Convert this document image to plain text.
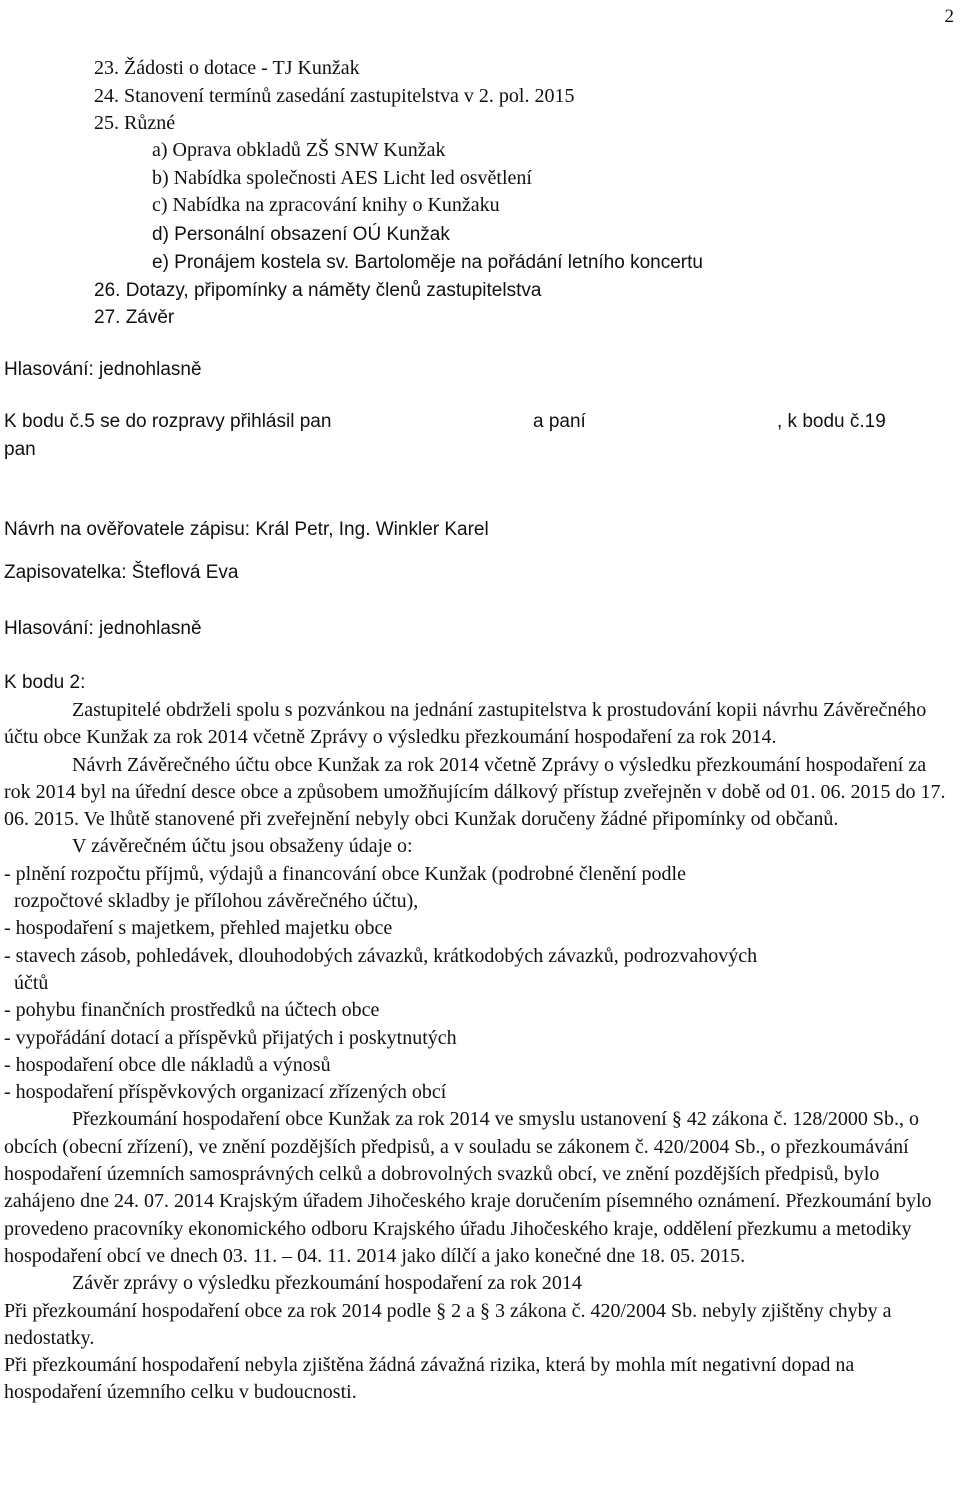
2
23. Žádosti o dotace - TJ Kunžak
24. Stanovení termínů zasedání zastupitelstva v 2. pol. 2015
25. Různé
a) Oprava obkladů ZŠ SNW Kunžak
b) Nabídka společnosti AES Licht led osvětlení
c) Nabídka na zpracování knihy o Kunžaku
d) Personální obsazení OÚ Kunžak
e) Pronájem kostela sv. Bartoloměje na pořádání letního koncertu
26. Dotazy, připomínky a náměty členů zastupitelstva
27. Závěr
Hlasování: jednohlasně
K bodu č.5 se do rozpravy přihlásil pan	a paní	, k bodu č.19
pan
Návrh na ověřovatele zápisu: Král Petr, Ing. Winkler Karel
Zapisovatelka: Šteflová Eva
Hlasování: jednohlasně
K bodu 2:

Zastupitelé obdrželi spolu s pozvánkou na jednání zastupitelstva k prostudování kopii návrhu Závěrečného účtu obce Kunžak za rok 2014 včetně Zprávy o výsledku přezkoumání hospodaření za rok 2014.

Návrh Závěrečného účtu obce Kunžak za rok 2014 včetně Zprávy o výsledku přezkoumání hospodaření za rok 2014 byl na úřední desce obce a způsobem umožňujícím dálkový přístup zveřejněn v době od 01. 06. 2015 do 17. 06. 2015. Ve lhůtě stanovené při zveřejnění nebyly obci Kunžak doručeny žádné připomínky od občanů.

V závěrečném účtu jsou obsaženy údaje o:

- plnění rozpočtu příjmů, výdajů a financování obce Kunžak (podrobné členění podle

rozpočtové skladby je přílohou závěrečného účtu),

- hospodaření s majetkem, přehled majetku obce

- stavech zásob, pohledávek, dlouhodobých závazků, krátkodobých závazků, podrozvahových

účtů

- pohybu finančních prostředků na účtech obce

- vypořádání dotací a příspěvků přijatých i poskytnutých

- hospodaření obce dle nákladů a výnosů

- hospodaření příspěvkových organizací zřízených obcí

Přezkoumání hospodaření obce Kunžak za rok 2014 ve smyslu ustanovení § 42 zákona č. 128/2000 Sb., o obcích (obecní zřízení), ve znění pozdějších předpisů, a v souladu se zákonem č. 420/2004 Sb., o přezkoumávání hospodaření územních samosprávných celků a dobrovolných svazků obcí, ve znění pozdějších předpisů, bylo zahájeno dne 24. 07. 2014 Krajským úřadem Jihočeského kraje doručením písemného oznámení. Přezkoumání bylo provedeno pracovníky ekonomického odboru Krajského úřadu Jihočeského kraje, oddělení přezkumu a metodiky hospodaření obcí ve dnech 03. 11. – 04. 11. 2014 jako dílčí a jako konečné dne 18. 05. 2015.

Závěr zprávy o výsledku přezkoumání hospodaření za rok 2014

Při přezkoumání hospodaření obce za rok 2014 podle § 2 a § 3 zákona č. 420/2004 Sb. nebyly zjištěny chyby a nedostatky.

Při přezkoumání hospodaření nebyla zjištěna žádná závažná rizika, která by mohla mít negativní dopad na hospodaření územního celku v budoucnosti.
